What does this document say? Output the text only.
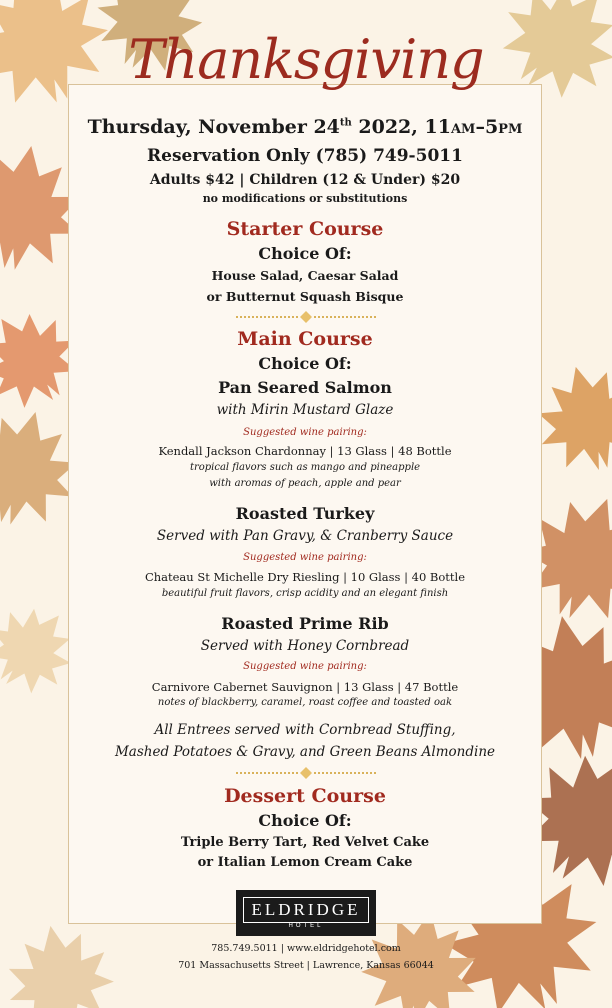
Thanksgiving
Thursday, November 24th 2022, 11AM–5PM
Reservation Only (785) 749-5011
Adults $42 | Children (12 & Under) $20
no modifications or substitutions
Starter Course
Choice Of:
House Salad, Caesar Salad
or Butternut Squash Bisque
Main Course
Choice Of:
Pan Seared Salmon
with Mirin Mustard Glaze
Suggested wine pairing:
Kendall Jackson Chardonnay | 13 Glass | 48 Bottle
tropical flavors such as mango and pineapple
with aromas of peach, apple and pear
Roasted Turkey
Served with Pan Gravy, & Cranberry Sauce
Suggested wine pairing:
Chateau St Michelle Dry Riesling | 10 Glass | 40 Bottle
beautiful fruit flavors, crisp acidity and an elegant finish
Roasted Prime Rib
Served with Honey Cornbread
Suggested wine pairing:
Carnivore Cabernet Sauvignon | 13 Glass | 47 Bottle
notes of blackberry, caramel, roast coffee and toasted oak
All Entrees served with Cornbread Stuffing,
Mashed Potatoes & Gravy, and Green Beans Almondine
Dessert Course
Choice Of:
Triple Berry Tart, Red Velvet Cake
or Italian Lemon Cream Cake
ELDRIDGE
HOTEL
785.749.5011 | www.eldridgehotel.com
701 Massachusetts Street | Lawrence, Kansas 66044
